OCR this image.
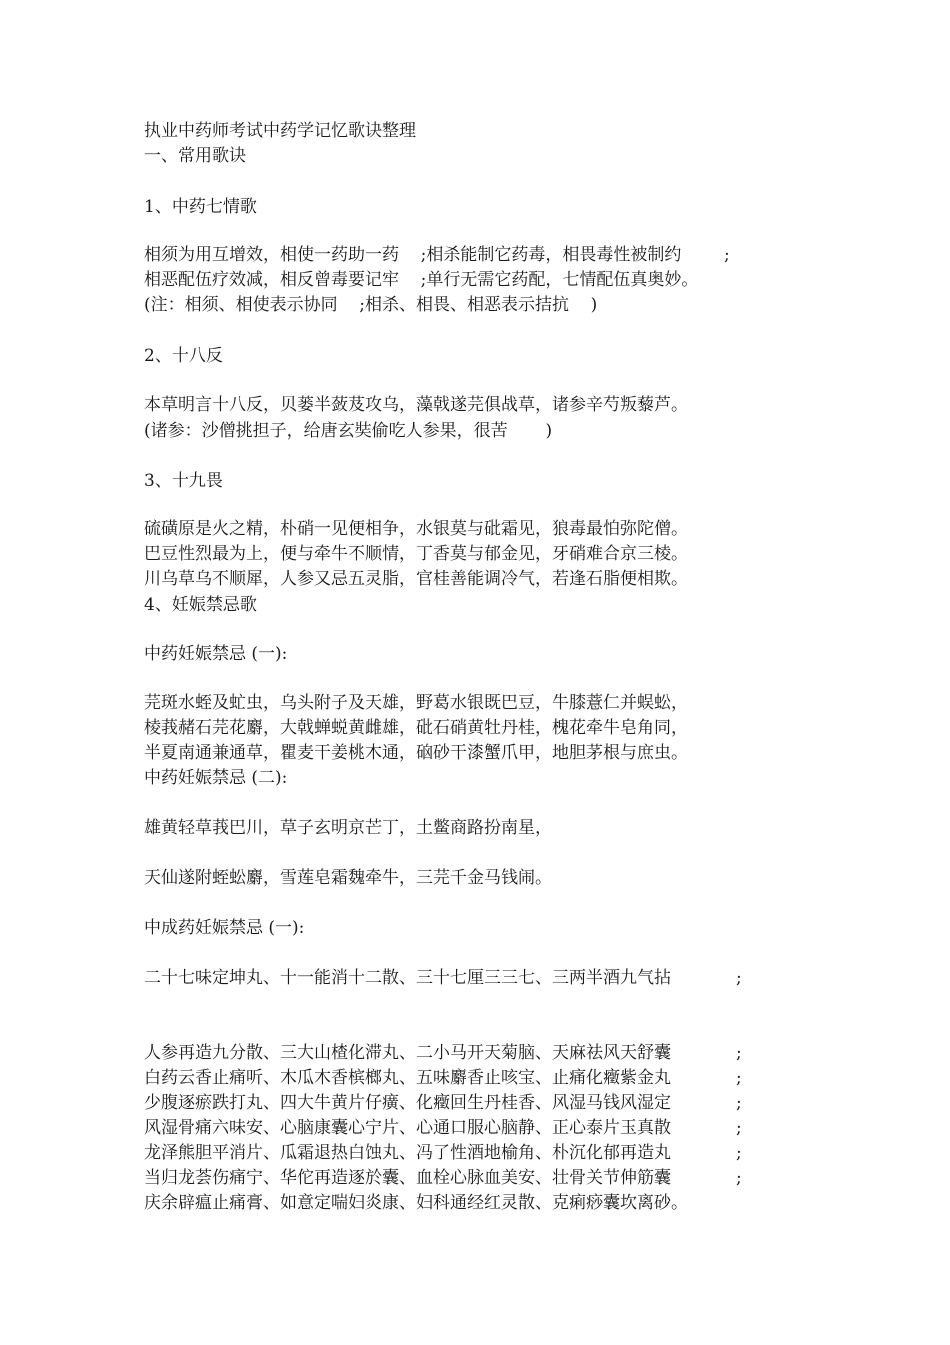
执业中药师考试中药学记忆歌诀整理

一、常用歌诀

1、中药七情歌

相须为用互增效，相使一药助一药    ;相杀能制它药毒，相畏毒性被制约	;

相恶配伍疗效减，相反曾毒要记牢    ;单行无需它药配，七情配伍真奥妙。

(注：相须、相使表示协同    ;相杀、相畏、相恶表示拮抗    )

2、十八反

本草明言十八反，贝蒌半蔹芨攻乌，藻戟遂芫俱战草，诸参辛芍叛藜芦。

(诸参：沙僧挑担子，给唐玄奘偷吃人参果，很苦       )

3、十九畏

硫磺原是火之精，朴硝一见便相争，水银莫与砒霜见，狼毒最怕弥陀僧。

巴豆性烈最为上，便与牵牛不顺情，丁香莫与郁金见，牙硝难合京三棱。

川乌草乌不顺犀，人参又忌五灵脂，官桂善能调冷气，若逢石脂便相欺。

4、妊娠禁忌歌

中药妊娠禁忌 (一):

芫斑水蛭及虻虫，乌头附子及天雄，野葛水银既巴豆，牛膝薏仁并蜈蚣，

棱莪赭石芫花麝，大戟蝉蜕黄雌雄，砒石硝黄牡丹桂，槐花牵牛皂角同，

半夏南通兼通草，瞿麦干姜桃木通，硇砂干漆蟹爪甲，地胆茅根与庶虫。

中药妊娠禁忌 (二):

雄黄轻草莪巴川，草子玄明京芒丁，土鳖商路扮南星，

天仙遂附蛭蚣麝，雪莲皂霜魏牵牛，三芫千金马钱闹。

中成药妊娠禁忌 (一):

二十七味定坤丸、十一能消十二散、三十七厘三三七、三两半酒九气拈	;

人参再造九分散、三大山楂化滞丸、二小马开天菊脑、天麻祛风天舒囊	;

白药云香止痛听、木瓜木香槟榔丸、五味麝香止咳宝、止痛化癥紫金丸	;

少腹逐瘀跌打丸、四大牛黄片仔癀、化癥回生丹桂香、风湿马钱风湿定	;

风湿骨痛六味安、心脑康囊心宁片、心通口服心脑静、正心泰片玉真散	;

龙泽熊胆平消片、瓜霜退热白蚀丸、冯了性酒地榆角、朴沉化郁再造丸	;

当归龙荟伤痛宁、华佗再造逐於囊、血栓心脉血美安、壮骨关节伸筋囊	;

庆余辟瘟止痛膏、如意定喘妇炎康、妇科通经红灵散、克痢痧囊坎离砂。
